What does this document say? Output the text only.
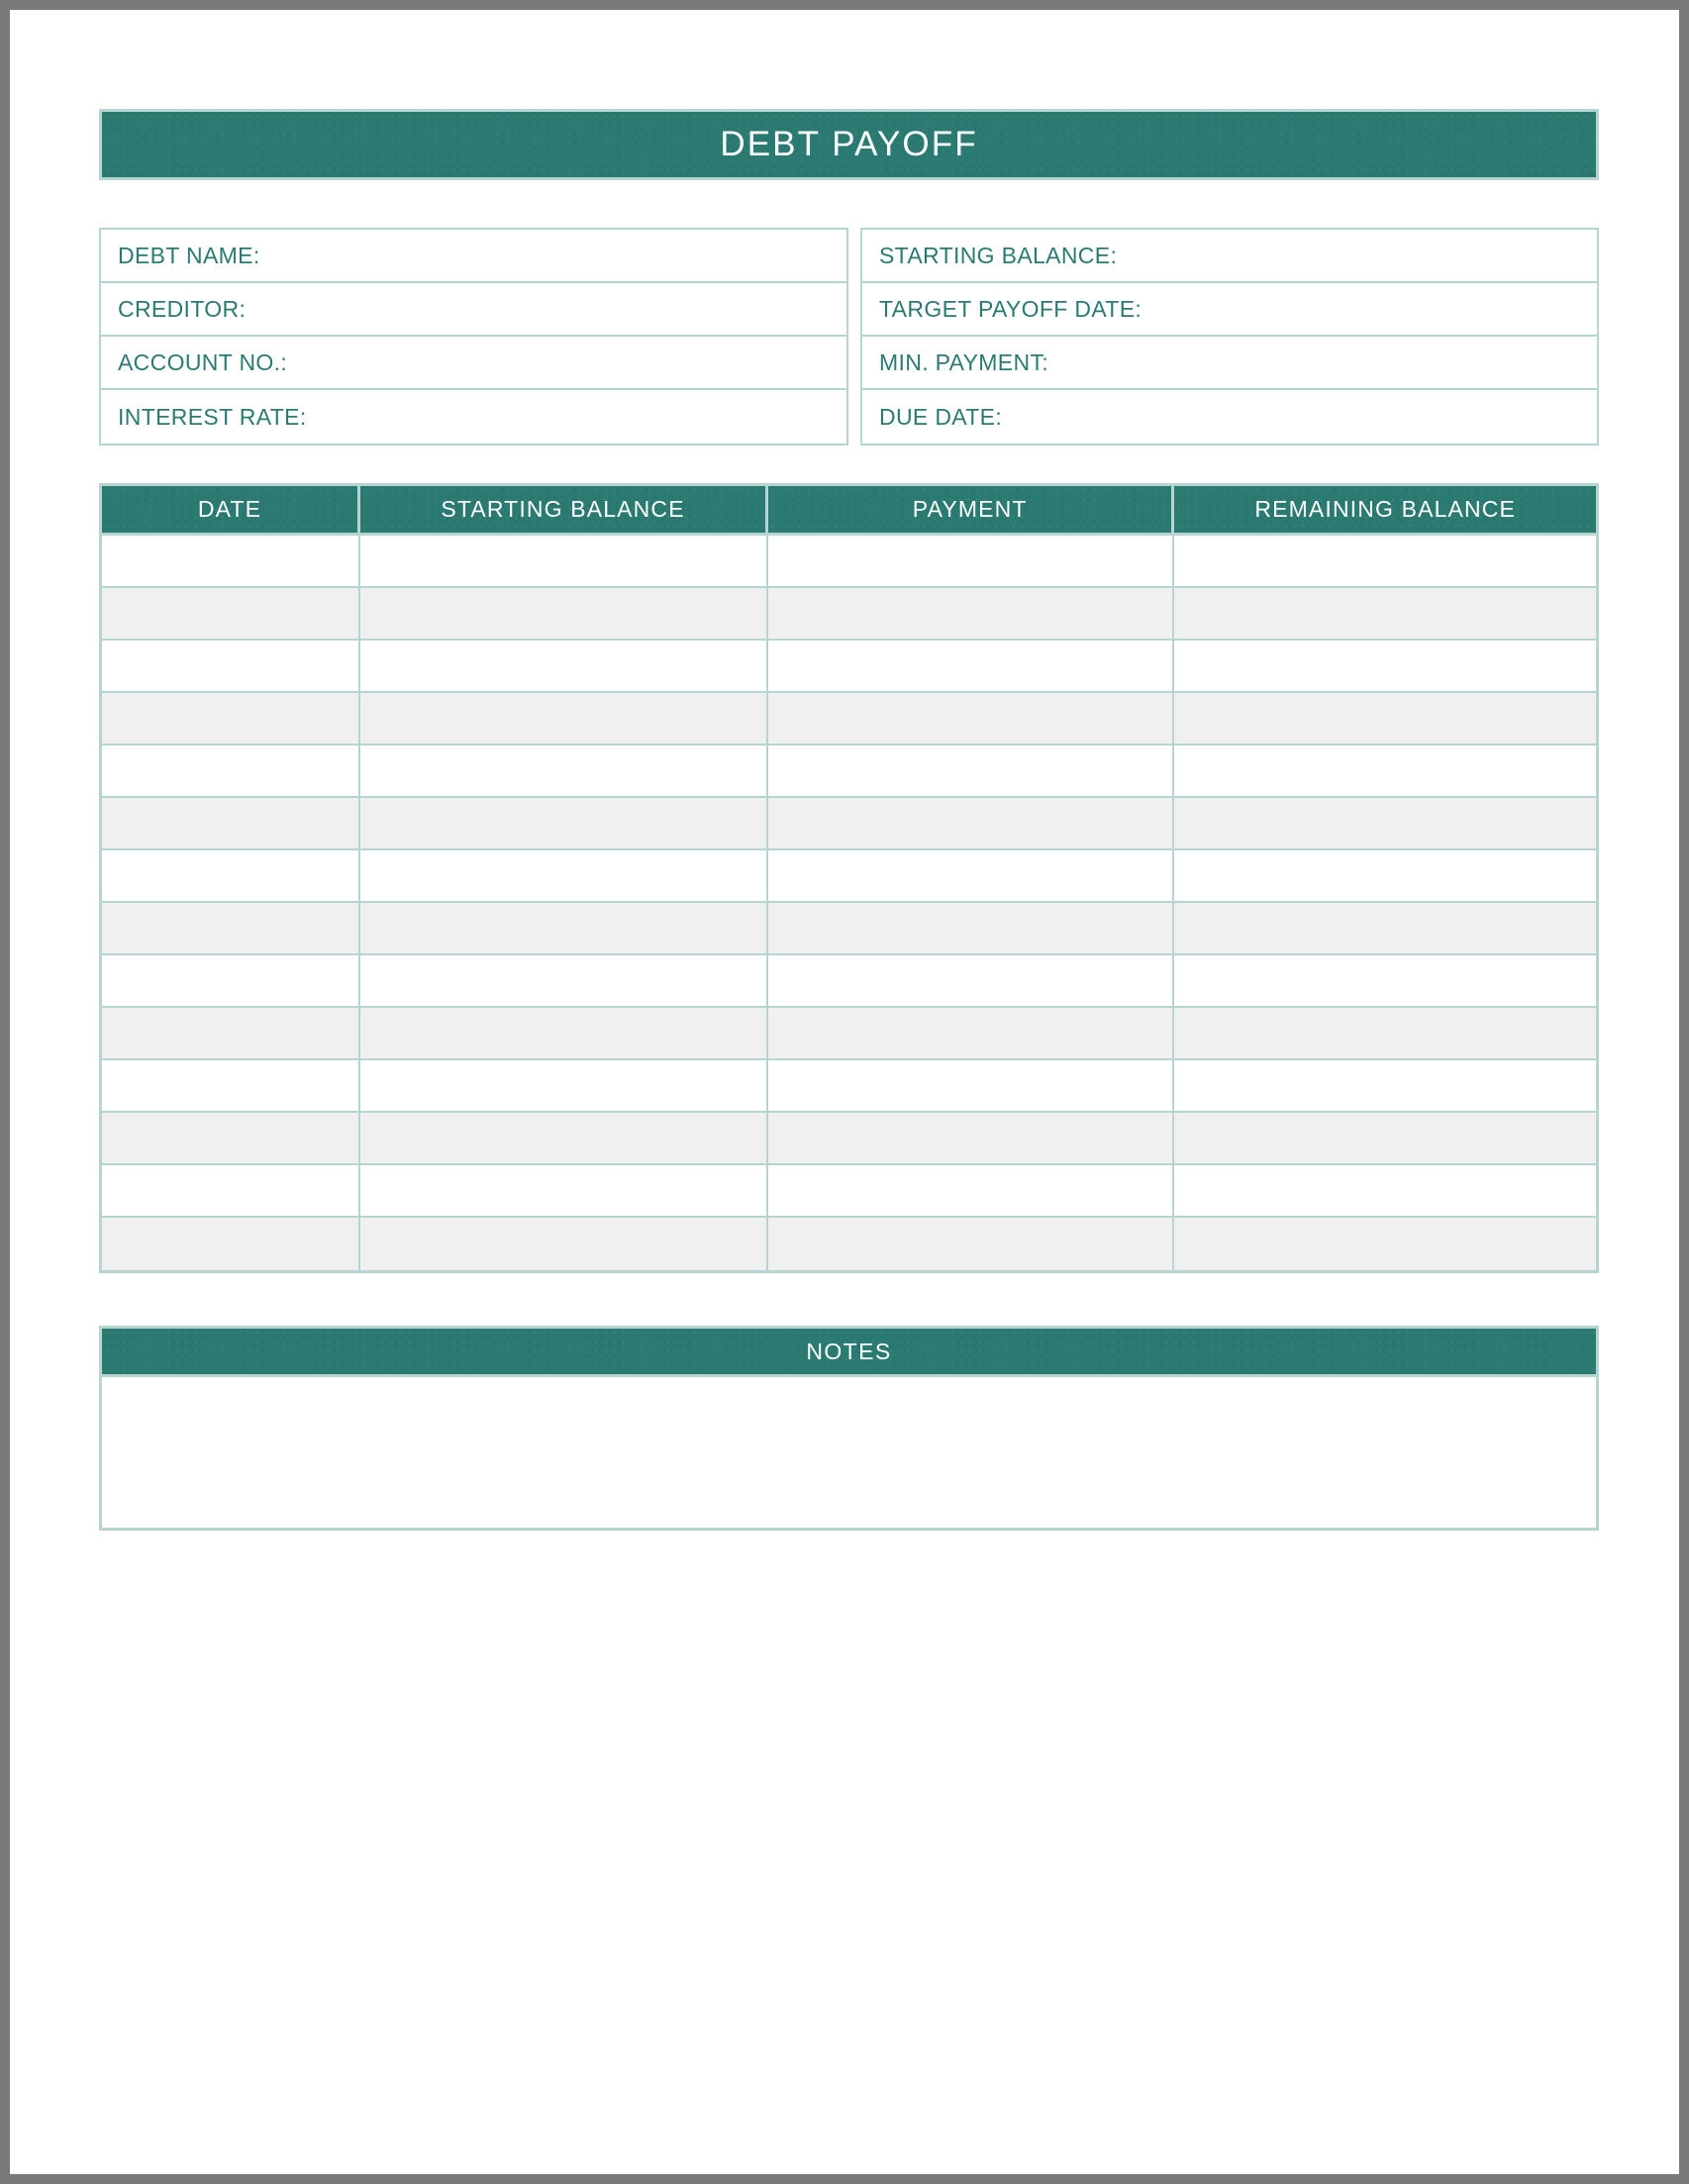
DEBT PAYOFF
DEBT NAME:
CREDITOR:
ACCOUNT NO.:
INTEREST RATE:
STARTING BALANCE:
TARGET PAYOFF DATE:
MIN. PAYMENT:
DUE DATE:
DATE	STARTING BALANCE	PAYMENT	REMAINING BALANCE
NOTES
